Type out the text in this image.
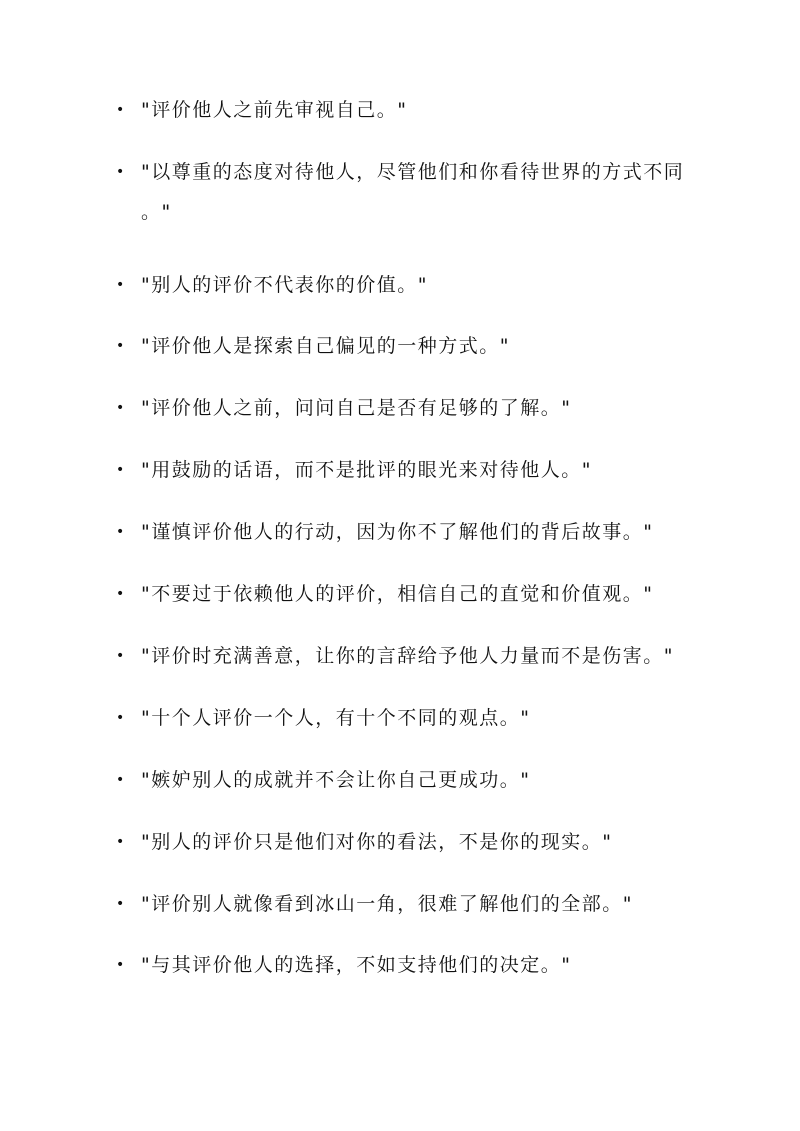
• "评价他人之前先审视自己。"
• "以尊重的态度对待他人，尽管他们和你看待世界的方式不同
。"
• "别人的评价不代表你的价值。"
• "评价他人是探索自己偏见的一种方式。"
• "评价他人之前，问问自己是否有足够的了解。"
• "用鼓励的话语，而不是批评的眼光来对待他人。"
• "谨慎评价他人的行动，因为你不了解他们的背后故事。"
• "不要过于依赖他人的评价，相信自己的直觉和价值观。"
• "评价时充满善意，让你的言辞给予他人力量而不是伤害。"
• "十个人评价一个人，有十个不同的观点。"
• "嫉妒别人的成就并不会让你自己更成功。"
• "别人的评价只是他们对你的看法，不是你的现实。"
• "评价别人就像看到冰山一角，很难了解他们的全部。"
• "与其评价他人的选择，不如支持他们的决定。"
